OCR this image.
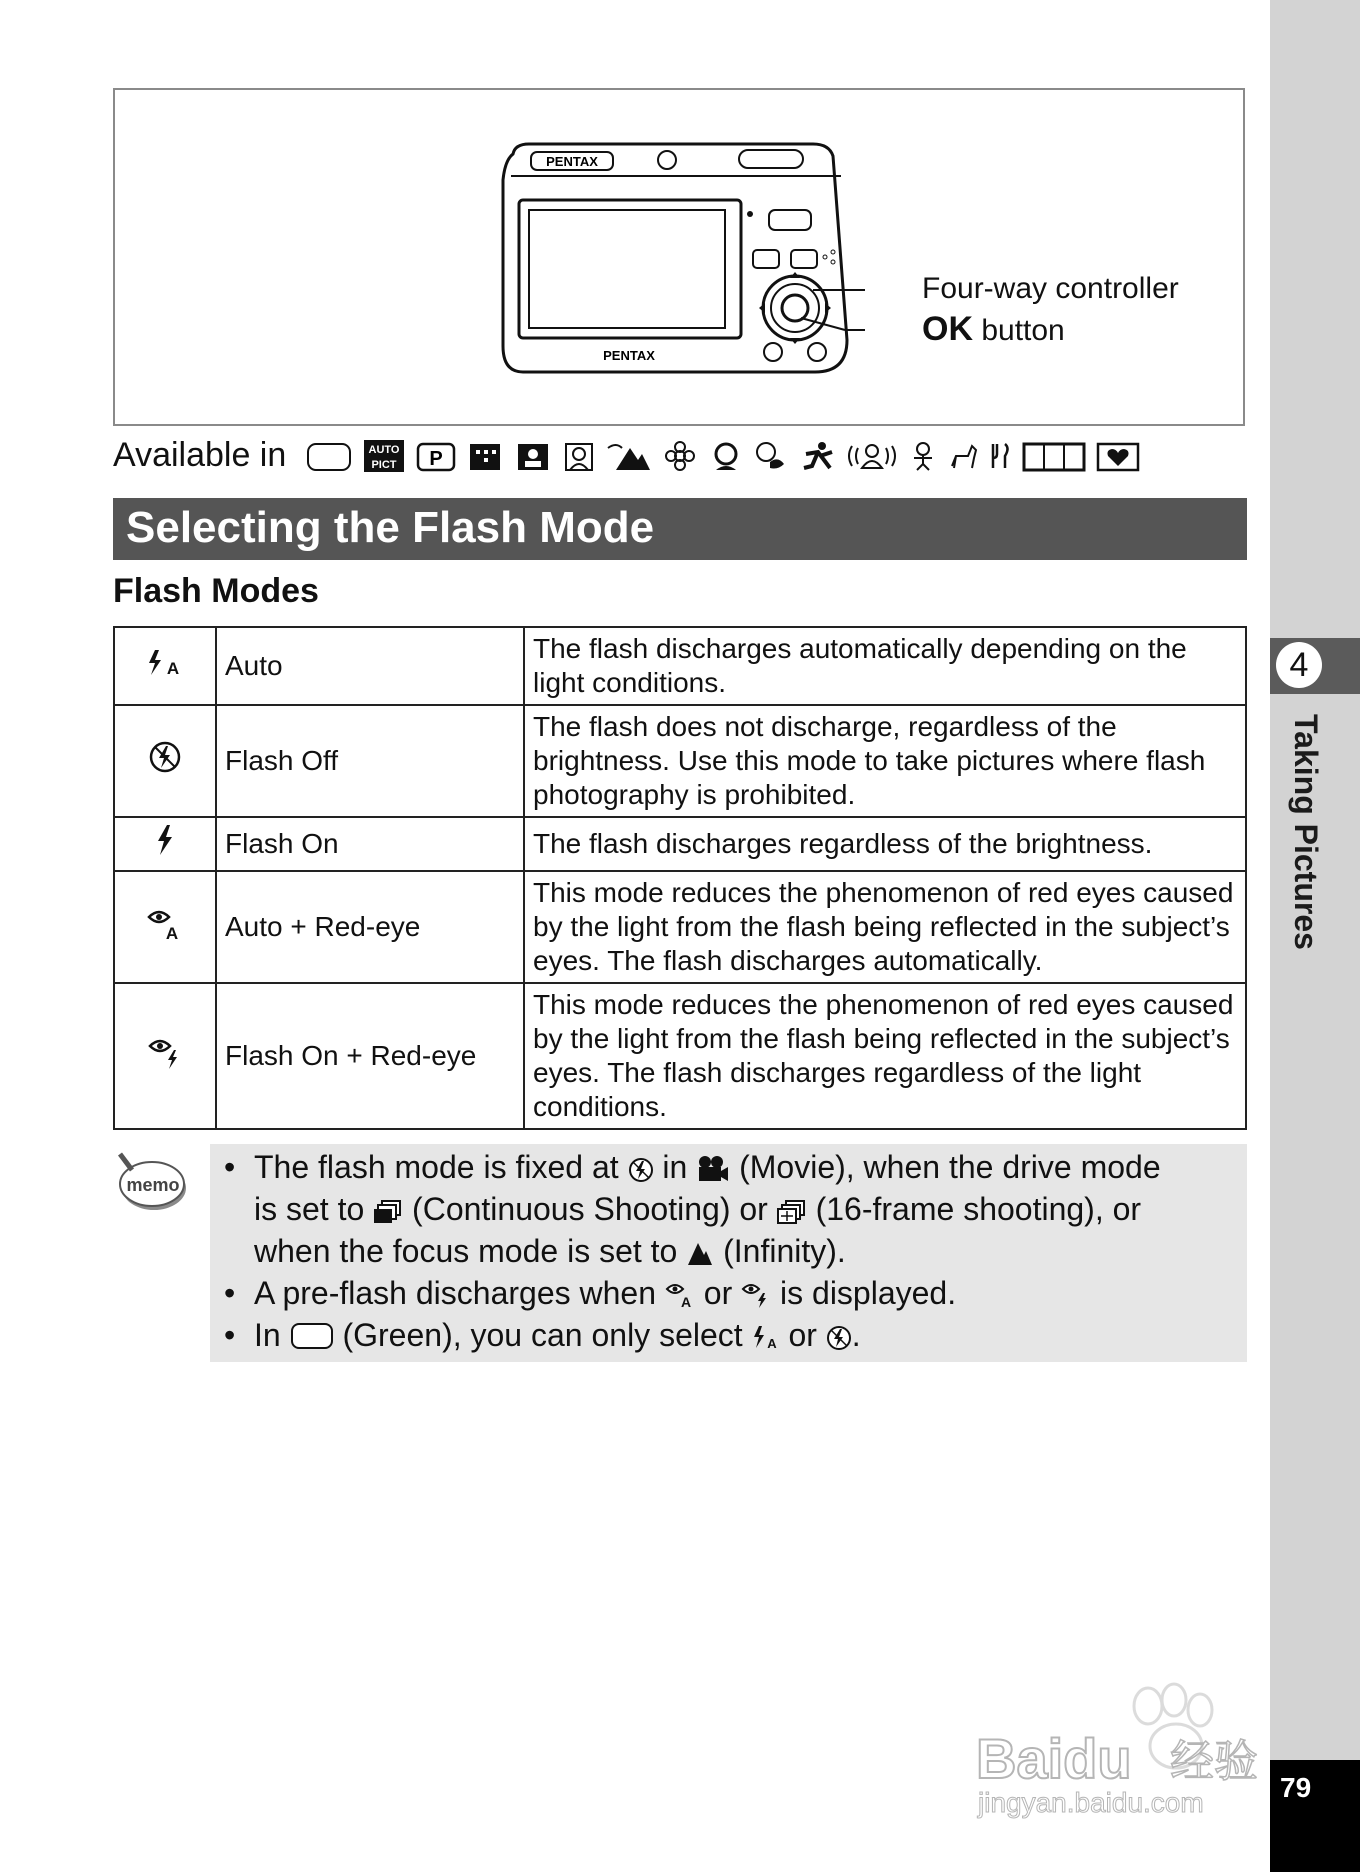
4
Taking Pictures
79
PENTAX
PENTAX
Four-way controller
OK button
Available in	AUTO
PICT P
Selecting the Flash Mode
Flash Modes
A	Auto	The flash discharges automatically depending on the light conditions.
	Flash Off	The flash does not discharge, regardless of the brightness. Use this mode to take pictures where flash photography is prohibited.
	Flash On	The flash discharges regardless of the brightness.

A	Auto + Red-eye	This mode reduces the phenomenon of red eyes caused by the light from the flash being reflected in the subject’s eyes. The flash discharges automatically.
	Flash On + Red-eye	This mode reduces the phenomenon of red eyes caused by the light from the flash being reflected in the subject’s eyes. The flash discharges regardless of the light conditions.
memo • The flash mode is fixed at in (Movie), when the drive mode
is set to (Continuous Shooting) or (16-frame shooting), or
when the focus mode is set to (Infinity).
• A pre-flash discharges when A or is displayed.
• In (Green), you can only select A or .
Baidu 经验
jingyan.baidu.com
